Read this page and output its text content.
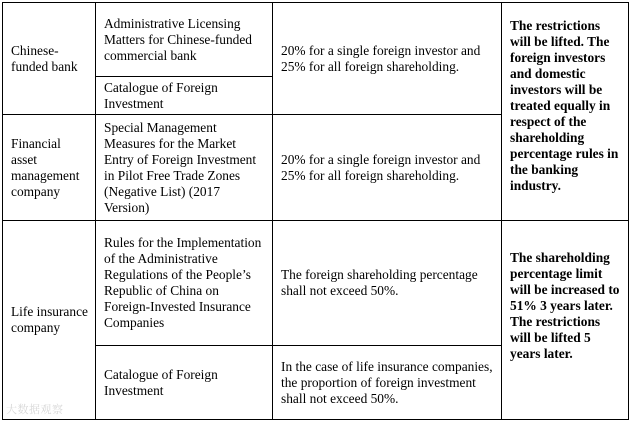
Chinese-funded bank	Administrative Licensing Matters for Chinese-funded commercial bank	20% for a single foreign investor and 25% for all foreign shareholding.	The restrictions will be lifted. The foreign investors and domestic investors will be treated equally in respect of the shareholding percentage rules in the banking industry.
	Catalogue of Foreign Investment		
Financial asset management company	Special Management Measures for the Market Entry of Foreign Investment in Pilot Free Trade Zones (Negative List) (2017 Version)	20% for a single foreign investor and 25% for all foreign shareholding.	
Life insurance company	Rules for the Implementation of the Administrative Regulations of the People’s Republic of China on Foreign-Invested Insurance Companies	The foreign shareholding percentage shall not exceed 50%.	The shareholding percentage limit will be increased to 51% 3 years later. The restrictions will be lifted 5 years later.
	Catalogue of Foreign Investment	In the case of life insurance companies, the proportion of foreign investment shall not exceed 50%.	
大数据观察
